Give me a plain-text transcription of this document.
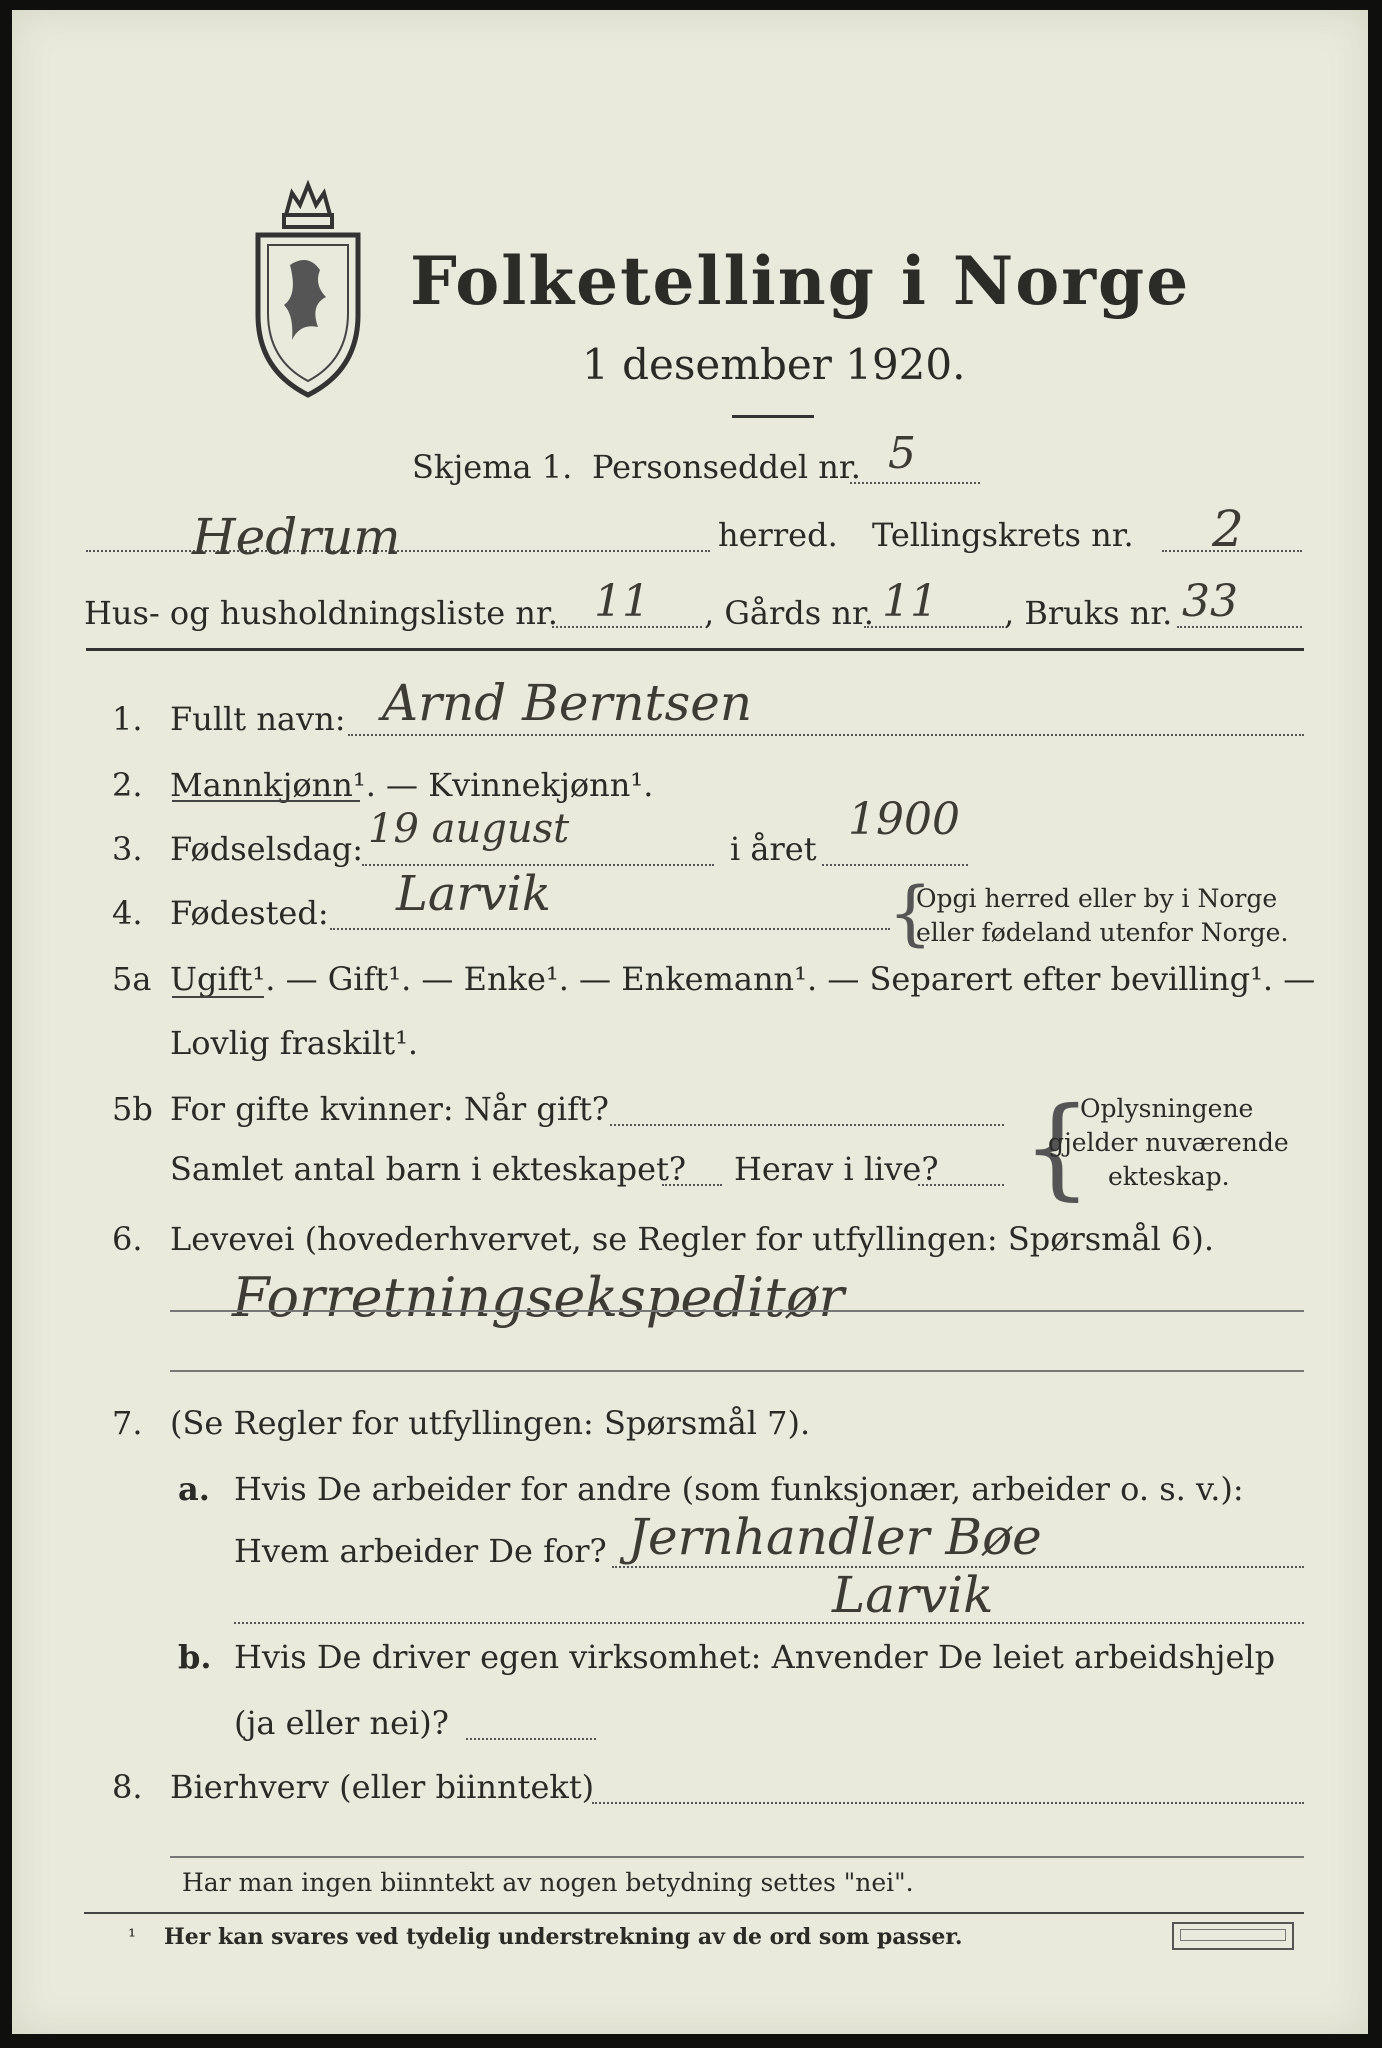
Folketelling i Norge
1 desember 1920.
Skjema 1. Personseddel nr. 5
Hedrum	herred. Tellingskrets nr. 2
Hus- og husholdningsliste nr. 11 , Gårds nr. 11 , Bruks nr. 33
1. Fullt navn: Arnd Berntsen
2. Mannkjønn¹. — Kvinnekjønn¹.
3. Fødselsdag: 19 august	i året
1900
4. Fødested: Larvik	{
Opgi herred eller by i Norge
eller fødeland utenfor Norge.
5a Ugift¹. — Gift¹. — Enke¹. — Enkemann¹. — Separert efter bevilling¹. —
Lovlig fraskilt¹.
5b For gifte kvinner: Når gift?
Samlet antal barn i ekteskapet? Herav i live? {
Oplysningene
gjelder nuværende
ekteskap.
6. Levevei (hovederhvervet, se Regler for utfyllingen: Spørsmål 6).
Forretningsekspeditør
7. (Se Regler for utfyllingen: Spørsmål 7).
a. Hvis De arbeider for andre (som funksjonær, arbeider o. s. v.):
Hvem arbeider De for? Jernhandler Bøe
Larvik
b. Hvis De driver egen virksomhet: Anvender De leiet arbeidshjelp
(ja eller nei)?
8. Bierhverv (eller biinntekt)
Har man ingen biinntekt av nogen betydning settes "nei".
¹ Her kan svares ved tydelig understrekning av de ord som passer.
